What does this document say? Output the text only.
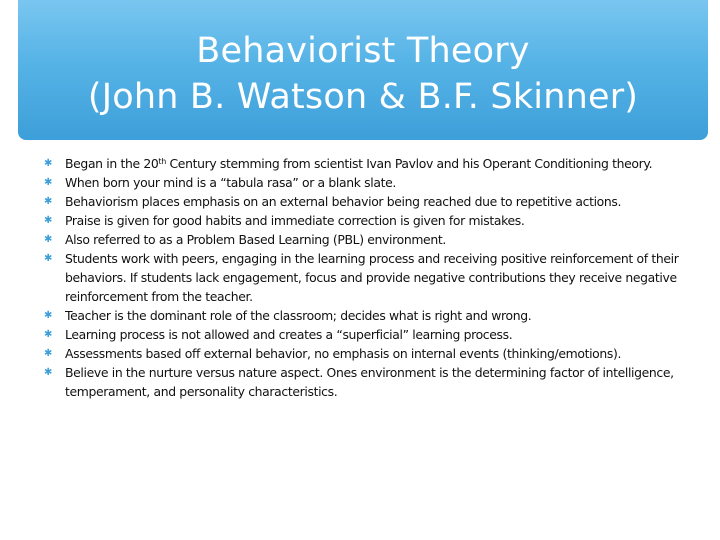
Behaviorist Theory
(John B. Watson & B.F. Skinner)
✱ Began in the 20th Century stemming from scientist Ivan Pavlov and his Operant Conditioning theory.
✱ When born your mind is a “tabula rasa” or a blank slate.
✱ Behaviorism places emphasis on an external behavior being reached due to repetitive actions.
✱ Praise is given for good habits and immediate correction is given for mistakes.
✱ Also referred to as a Problem Based Learning (PBL) environment.
✱ Students work with peers, engaging in the learning process and receiving positive reinforcement of their behaviors. If students lack engagement, focus and provide negative contributions they receive negative reinforcement from the teacher.
✱ Teacher is the dominant role of the classroom; decides what is right and wrong.
✱ Learning process is not allowed and creates a “superficial” learning process.
✱ Assessments based off external behavior, no emphasis on internal events (thinking/emotions).
✱ Believe in the nurture versus nature aspect. Ones environment is the determining factor of intelligence, temperament, and personality characteristics.
